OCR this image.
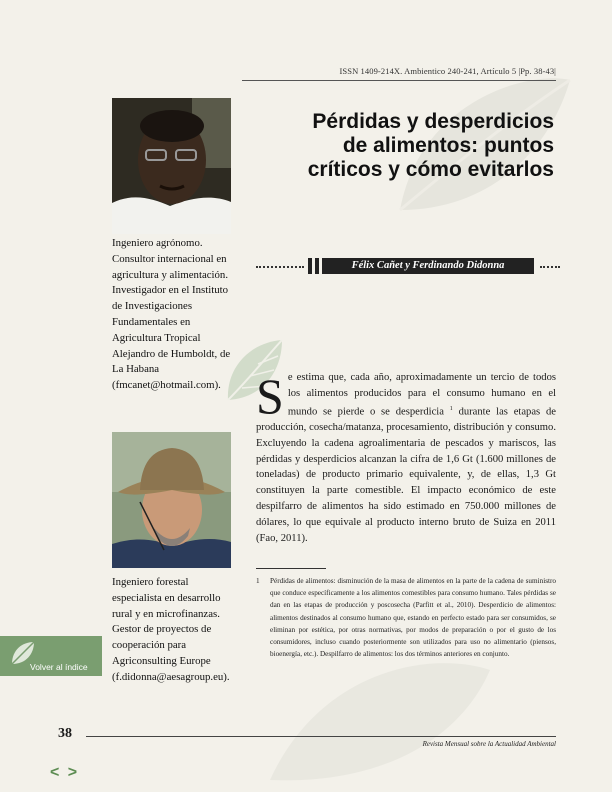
ISSN 1409-214X. Ambientico 240-241, Artículo 5 |Pp. 38-43|
Ingeniero agrónomo. Consultor internacional en agricultura y alimentación. Investigador en el Instituto de Investigaciones Fundamentales en Agricultura Tropical Alejandro de Humboldt, de La Habana (fmcanet@hotmail.com).
Ingeniero forestal especialista en desarrollo rural y en microfinanzas. Gestor de proyectos de cooperación para Agriconsulting Europe (f.didonna@aesagroup.eu).
Pérdidas y desperdicios
de alimentos: puntos
críticos y cómo evitarlos
Félix Cañet y Ferdinando Didonna
S e estima que, cada año, aproximadamente un tercio de todos los alimentos producidos para el consumo humano en el mundo se pierde o se desperdicia $^1$ durante las etapas de producción, cosecha/matanza, procesamiento, distribución y consumo. Excluyendo la cadena agroalimentaria de pescados y mariscos, las pérdidas y desperdicios alcanzan la cifra de 1,6 Gt (1.600 millones de toneladas) de producto primario equivalente, y, de ellas, 1,3 Gt constituyen la parte comestible. El impacto económico de este despilfarro de alimentos ha sido estimado en 750.000 millones de dólares, lo que equivale al producto interno bruto de Suiza en 2011 (Fao, 2011).
1 Pérdidas de alimentos: disminución de la masa de alimentos en la parte de la cadena de suministro que conduce específicamente a los alimentos comestibles para consumo humano. Tales pérdidas se dan en las etapas de producción y poscosecha (Parfitt et al., 2010). Desperdicio de alimentos: alimentos destinados al consumo humano que, estando en perfecto estado para ser consumidos, se eliminan por estética, por otras normativas, por modos de preparación o por el gusto de los consumidores, incluso cuando posteriormente son utilizados para uso no alimentario (piensos, bioenergía, etc.). Despilfarro de alimentos: los dos términos anteriores en conjunto.
Volver al índice
38
Revista Mensual sobre la Actualidad Ambiental
< >
